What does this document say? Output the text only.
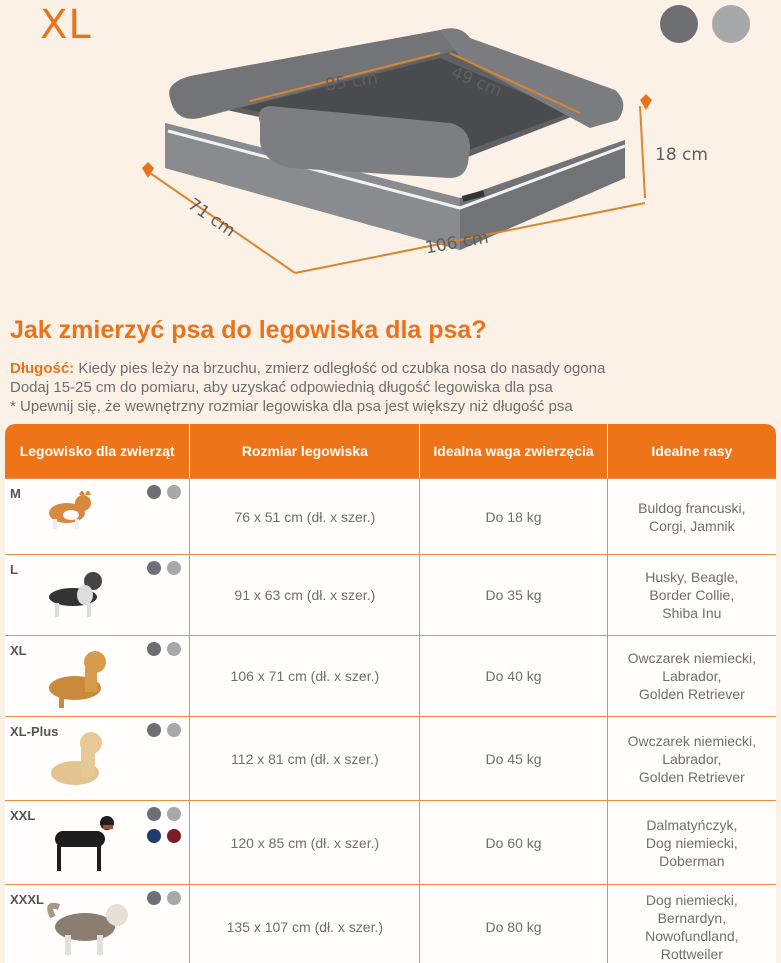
XL
85 cm	49 cm
18 cm
71 cm
106 cm
Jak zmierzyć psa do legowiska dla psa?
Długość: Kiedy pies leży na brzuchu, zmierz odległość od czubka nosa do nasady ogona
Dodaj 15-25 cm do pomiaru, aby uzyskać odpowiednią długość legowiska dla psa
* Upewnij się, że wewnętrzny rozmiar legowiska dla psa jest większy niż długość psa
Legowisko dla zwierząt	Rozmiar legowiska	Idealna waga zwierzęcia	Idealne rasy
M
76 x 51 cm (dł. x szer.)	Do 18 kg
Buldog francuski,
Corgi, Jamnik
L
91 x 63 cm (dł. x szer.)	Do 35 kg
Husky, Beagle,
Border Collie,
Shiba Inu
XL
106 x 71 cm (dł. x szer.)	Do 40 kg
Owczarek niemiecki,
Labrador,
Golden Retriever
XL-Plus
112 x 81 cm (dł. x szer.)	Do 45 kg
Owczarek niemiecki,
Labrador,
Golden Retriever
XXL
120 x 85 cm (dł. x szer.)	Do 60 kg
Dalmatyńczyk,
Dog niemiecki,
Doberman
XXXL
135 x 107 cm (dł. x szer.)	Do 80 kg
Dog niemiecki,
Bernardyn,
Nowofundland,
Rottweiler
